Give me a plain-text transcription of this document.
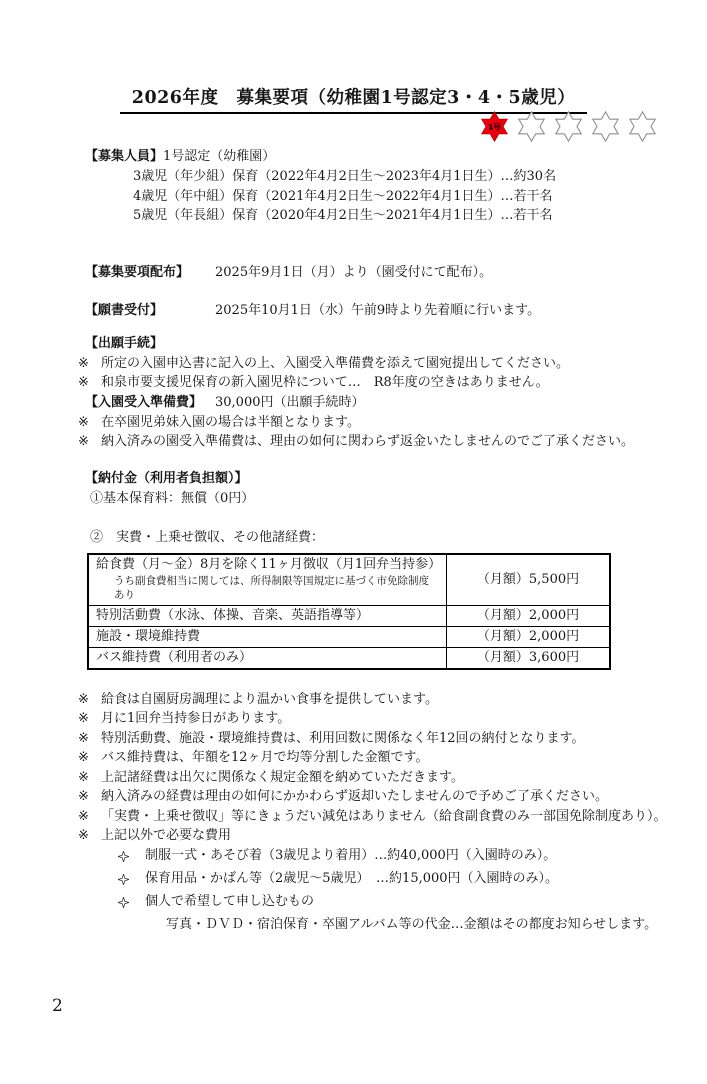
1号
2026年度　募集要項（幼稚園1号認定3・4・5歳児）
【募集人員】1号認定（幼稚園）
3歳児（年少組）保育（2022年4月2日生～2023年4月1日生）…約30名
4歳児（年中組）保育（2021年4月2日生～2022年4月1日生）…若干名
5歳児（年長組）保育（2020年4月2日生～2021年4月1日生）…若干名
【募集要項配布】 2025年9月1日（月）より（園受付にて配布）。
【願書受付】	2025年10月1日（水）午前9時より先着順に行います。
【出願手続】
※ 所定の入園申込書に記入の上、入園受入準備費を添えて園宛提出してください。
※ 和泉市要支援児保育の新入園児枠について…　R8年度の空きはありません。
【入園受入準備費】 30,000円（出願手続時）
※ 在卒園児弟妹入園の場合は半額となります。
※ 納入済みの園受入準備費は、理由の如何に関わらず返金いたしませんのでご了承ください。
【納付金（利用者負担額）】
①基本保育料：無償（0円）
②　実費・上乗せ徴収、その他諸経費：
給食費（月～金）8月を除く11ヶ月徴収（月1回弁当持参）
うち副食費相当に関しては、所得制限等国規定に基づく市免除制度あり	（月額）5,500円
特別活動費（水泳、体操、音楽、英語指導等）	（月額）2,000円
施設・環境維持費	（月額）2,000円
バス維持費（利用者のみ）	（月額）3,600円
※ 給食は自園厨房調理により温かい食事を提供しています。
※ 月に1回弁当持参日があります。
※ 特別活動費、施設・環境維持費は、利用回数に関係なく年12回の納付となります。
※ バス維持費は、年額を12ヶ月で均等分割した金額です。
※ 上記諸経費は出欠に関係なく規定金額を納めていただきます。
※ 納入済みの経費は理由の如何にかかわらず返却いたしませんので予めご了承ください。
※ 「実費・上乗せ徴収」等にきょうだい減免はありません（給食副食費のみ一部国免除制度あり）。
※ 上記以外で必要な費用
制服一式・あそび着（3歳児より着用）…約40,000円（入園時のみ）。
保育用品・かばん等（2歳児～5歳児）　…約15,000円（入園時のみ）。
個人で希望して申し込むもの
写真・ＤＶＤ・宿泊保育・卒園アルバム等の代金…金額はその都度お知らせします。
2
